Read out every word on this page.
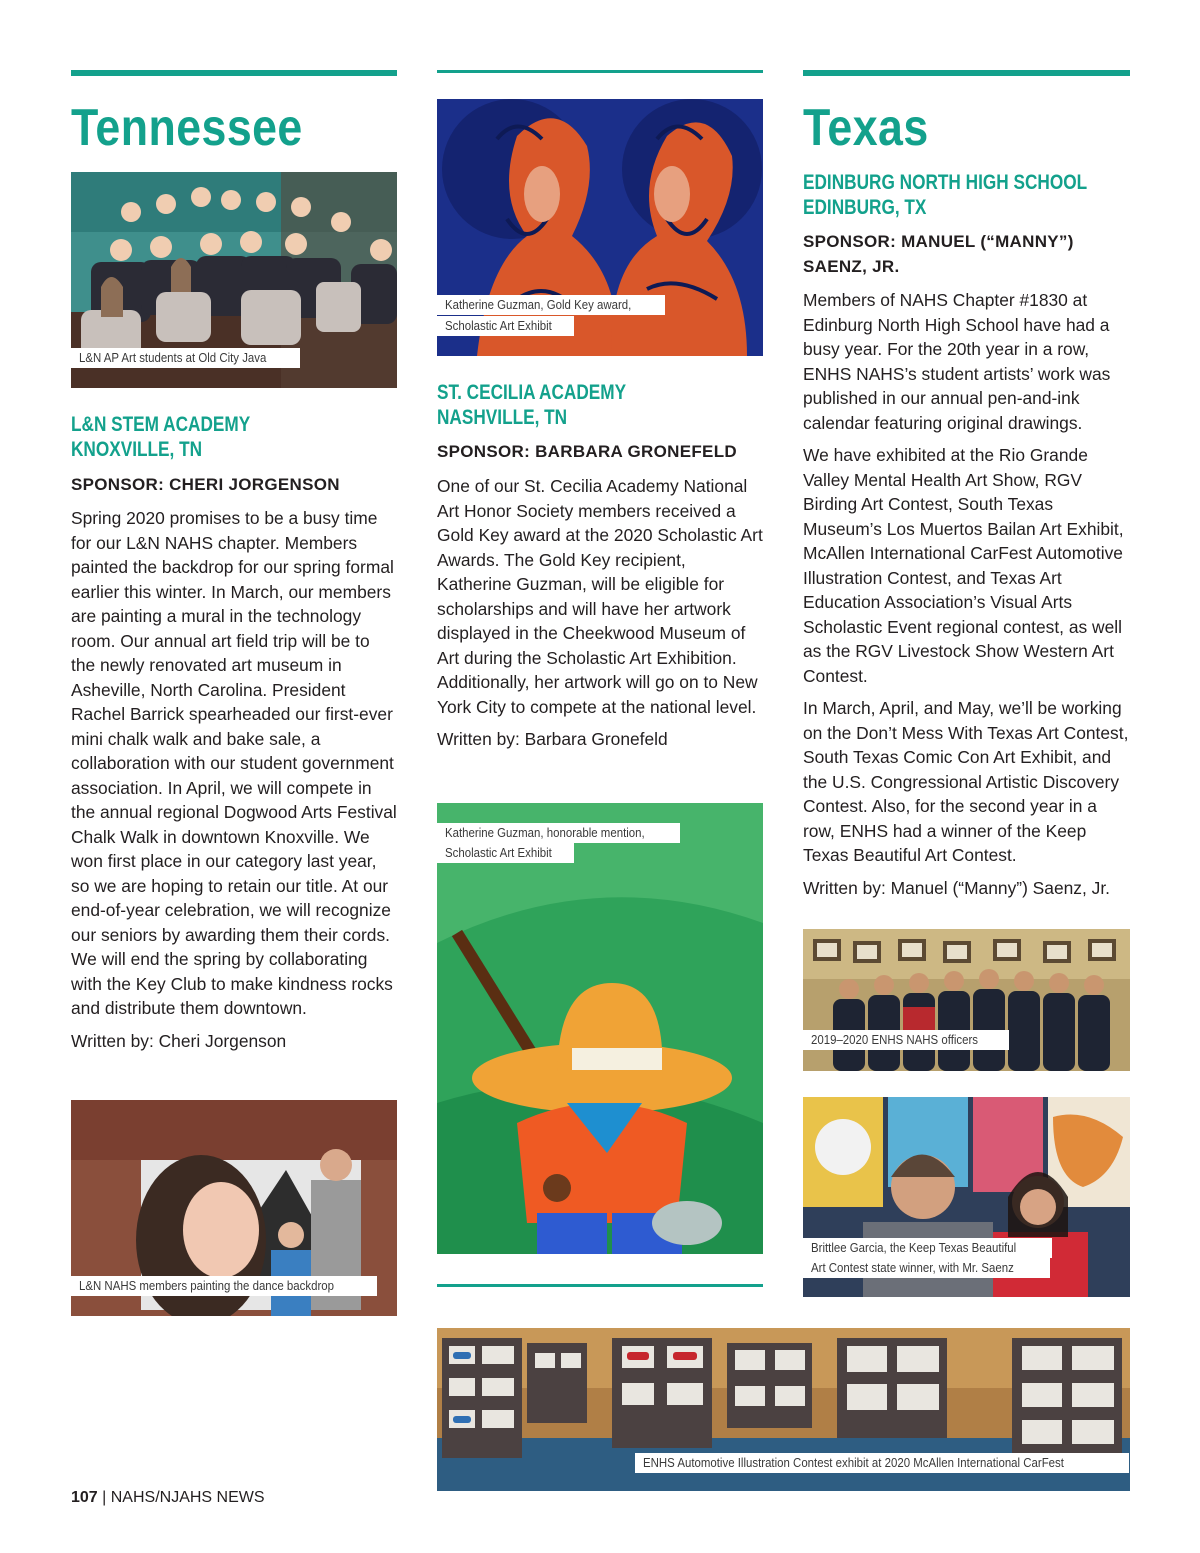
Tennessee
L&N AP Art students at Old City Java
L&N STEM ACADEMY
KNOXVILLE, TN
SPONSOR: CHERI JORGENSON

Spring 2020 promises to be a busy time for our L&N NAHS chapter. Members painted the backdrop for our spring formal earlier this winter. In March, our members are painting a mural in the technology room. Our annual art field trip will be to the newly renovated art museum in Asheville, North Carolina. President Rachel Barrick spearheaded our first-ever mini chalk walk and bake sale, a collaboration with our student government association. In April, we will compete in the annual regional Dogwood Arts Festival Chalk Walk in downtown Knoxville. We won first place in our category last year, so we are hoping to retain our title. At our end-of-year celebration, we will recognize our seniors by awarding them their cords. We will end the spring by collaborating with the Key Club to make kindness rocks and distribute them downtown.

Written by: Cheri Jorgenson

L&N NAHS members painting the dance backdrop
Katherine Guzman, Gold Key award,
Scholastic Art Exhibit
ST. CECILIA ACADEMY
NASHVILLE, TN
SPONSOR: BARBARA GRONEFELD

One of our St. Cecilia Academy National Art Honor Society members received a Gold Key award at the 2020 Scholastic Art Awards. The Gold Key recipient, Katherine Guzman, will be eligible for scholarships and will have her artwork displayed in the Cheekwood Museum of Art during the Scholastic Art Exhibition. Additionally, her artwork will go on to New York City to compete at the national level.

Written by: Barbara Gronefeld

Katherine Guzman, honorable mention,
Scholastic Art Exhibit
Texas
EDINBURG NORTH HIGH SCHOOL
EDINBURG, TX
SPONSOR: MANUEL (“MANNY”)
SAENZ, JR.

Members of NAHS Chapter #1830 at Edinburg North High School have had a busy year. For the 20th year in a row, ENHS NAHS’s student artists’ work was published in our annual pen-and-ink calendar featuring original drawings.

We have exhibited at the Rio Grande Valley Mental Health Art Show, RGV Birding Art Contest, South Texas Museum’s Los Muertos Bailan Art Exhibit, McAllen International CarFest Automotive Illustration Contest, and Texas Art Education Association’s Visual Arts Scholastic Event regional contest, as well as the RGV Livestock Show Western Art Contest.

In March, April, and May, we’ll be working on the Don’t Mess With Texas Art Contest, South Texas Comic Con Art Exhibit, and the U.S. Congressional Artistic Discovery Contest. Also, for the second year in a row, ENHS had a winner of the Keep Texas Beautiful Art Contest.

Written by: Manuel (“Manny”) Saenz, Jr.

2019–2020 ENHS NAHS officers
Brittlee Garcia, the Keep Texas Beautiful
Art Contest state winner, with Mr. Saenz
ENHS Automotive Illustration Contest exhibit at 2020 McAllen International CarFest
107 | NAHS/NJAHS NEWS
